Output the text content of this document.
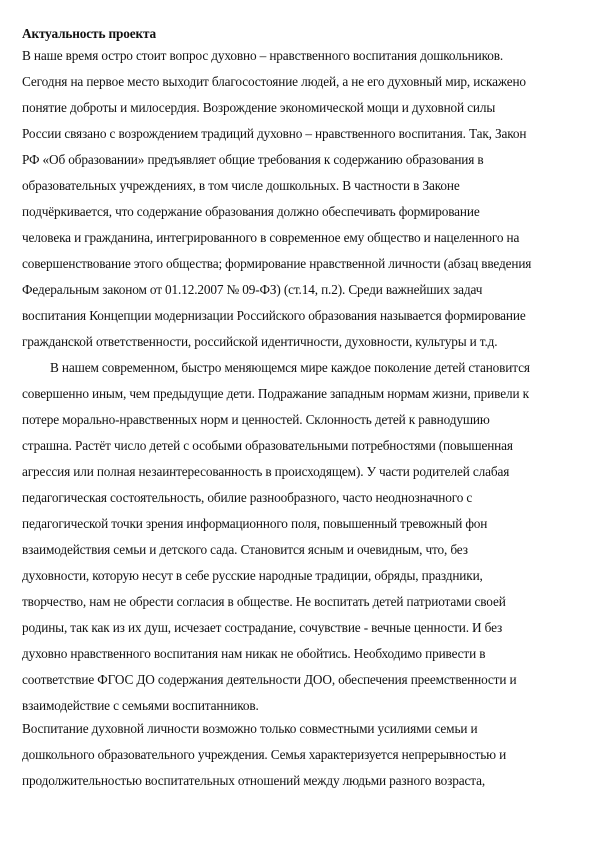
Актуальность проекта
В наше время остро стоит вопрос духовно – нравственного воспитания дошкольников.
Сегодня на первое место выходит благосостояние людей, а не его духовный мир, искажено
понятие доброты и милосердия. Возрождение экономической мощи и духовной силы
России связано с возрождением традиций духовно – нравственного воспитания. Так, Закон
РФ «Об образовании» предъявляет общие требования к содержанию образования в
образовательных учреждениях, в том числе дошкольных. В частности в Законе
подчёркивается, что содержание образования должно обеспечивать формирование
человека и гражданина, интегрированного в современное ему общество и нацеленного на
совершенствование этого общества; формирование нравственной личности (абзац введения
Федеральным законом от 01.12.2007 № 09-ФЗ) (ст.14, п.2). Среди важнейших задач
воспитания Концепции модернизации Российского образования называется формирование
гражданской ответственности, российской идентичности, духовности, культуры и т.д.
В нашем современном, быстро меняющемся мире каждое поколение детей становится
совершенно иным, чем предыдущие дети. Подражание западным нормам жизни, привели к
потере морально-нравственных норм и ценностей. Склонность детей к равнодушию
страшна. Растёт число детей с особыми образовательными потребностями (повышенная
агрессия или полная незаинтересованность в происходящем). У части родителей слабая
педагогическая состоятельность, обилие разнообразного, часто неоднозначного с
педагогической точки зрения информационного поля, повышенный тревожный фон
взаимодействия семьи и детского сада. Становится ясным и очевидным, что, без
духовности, которую несут в себе русские народные традиции, обряды, праздники,
творчество, нам не обрести согласия в обществе. Не воспитать детей патриотами своей
родины, так как из их душ, исчезает сострадание, сочувствие - вечные ценности. И без
духовно нравственного воспитания нам никак не обойтись. Необходимо привести в
соответствие ФГОС ДО содержания деятельности ДОО, обеспечения преемственности и
взаимодействие с семьями воспитанников.
Воспитание духовной личности возможно только совместными усилиями семьи и
дошкольного образовательного учреждения. Семья характеризуется непрерывностью и
продолжительностью воспитательных отношений между людьми разного возраста,
